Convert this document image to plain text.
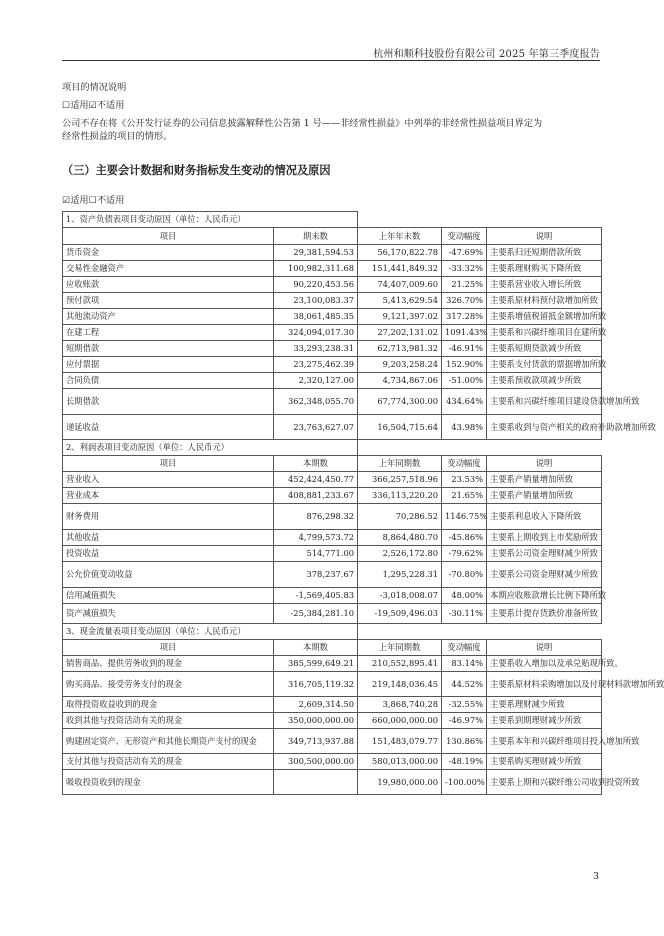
杭州和顺科技股份有限公司 2025 年第三季度报告
项目的情况说明
☐适用☑不适用
公司不存在将《公开发行证券的公司信息披露解释性公告第 1 号——非经常性损益》中列举的非经常性损益项目界定为
经常性损益的项目的情形。
（三）主要会计数据和财务指标发生变动的情况及原因
☑适用☐不适用
1、资产负债表项目变动原因（单位：人民币元）				
项目	期末数	上年年末数	变动幅度	说明
货币资金	29,381,594.53	56,170,822.78	-47.69%	主要系归还短期借款所致
交易性金融资产	100,982,311.68	151,441,849.32	-33.32%	主要系理财购买下降所致
应收账款	90,220,453.56	74,407,009.60	21.25%	主要系营业收入增长所致
预付款项	23,100,083.37	5,413,629.54	326.70%	主要系原材料预付款增加所致
其他流动资产	38,061,485.35	9,121,397.02	317.28%	主要系增值税留抵金额增加所致
在建工程	324,094,017.30	27,202,131.02	1091.43%	主要系和兴碳纤维项目在建所致
短期借款	33,293,238.31	62,713,981.32	-46.91%	主要系短期贷款减少所致
应付票据	23,275,462.39	9,203,258.24	152.90%	主要系支付货款的票据增加所致
合同负债	2,320,127.00	4,734,867.06	-51.00%	主要系预收款项减少所致
长期借款	362,348,055.70	67,774,300.00	434.64%	主要系和兴碳纤维项目建设贷款增加所致
递延收益	23,763,627.07	16,504,715.64	43.98%	主要系收到与资产相关的政府补助款增加所致
2、利润表项目变动原因（单位：人民币元）				
项目	本期数	上年同期数	变动幅度	说明
营业收入	452,424,450.77	366,257,518.96	23.53%	主要系产销量增加所致
营业成本	408,881,233.67	336,113,220.20	21.65%	主要系产销量增加所致
财务费用	876,298.32	70,286.52	1146.75%	主要系利息收入下降所致
其他收益	4,799,573.72	8,864,480.70	-45.86%	主要系上期收到上市奖励所致
投资收益	514,771.00	2,526,172.80	-79.62%	主要系公司资金理财减少所致
公允价值变动收益	378,237.67	1,295,228.31	-70.80%	主要系公司资金理财减少所致
信用减值损失	-1,569,405.83	-3,018,008.07	48.00%	本期应收账款增长比例下降所致
资产减值损失	-25,384,281.10	-19,509,496.03	-30.11%	主要系计提存货跌价准备所致
3、现金流量表项目变动原因（单位：人民币元）				
项目	本期数	上年同期数	变动幅度	说明
销售商品、提供劳务收到的现金	385,599,649.21	210,552,895.41	83.14%	主要系收入增加以及承兑贴现所致。
购买商品、接受劳务支付的现金	316,705,119.32	219,148,036.45	44.52%	主要系原材料采购增加以及付现材料款增加所致
取得投资收益收到的现金	2,609,314.50	3,868,740.28	-32.55%	主要系理财减少所致
收到其他与投资活动有关的现金	350,000,000.00	660,000,000.00	-46.97%	主要系到期理财减少所致
购建固定资产、无形资产和其他长期资产支付的现金	349,713,937.88	151,483,079.77	130.86%	主要系本年和兴碳纤维项目投入增加所致
支付其他与投资活动有关的现金	300,500,000.00	580,013,000.00	-48.19%	主要系购买理财减少所致
吸收投资收到的现金		19,980,000.00	-100.00%	主要系上期和兴碳纤维公司收到投资所致
3
